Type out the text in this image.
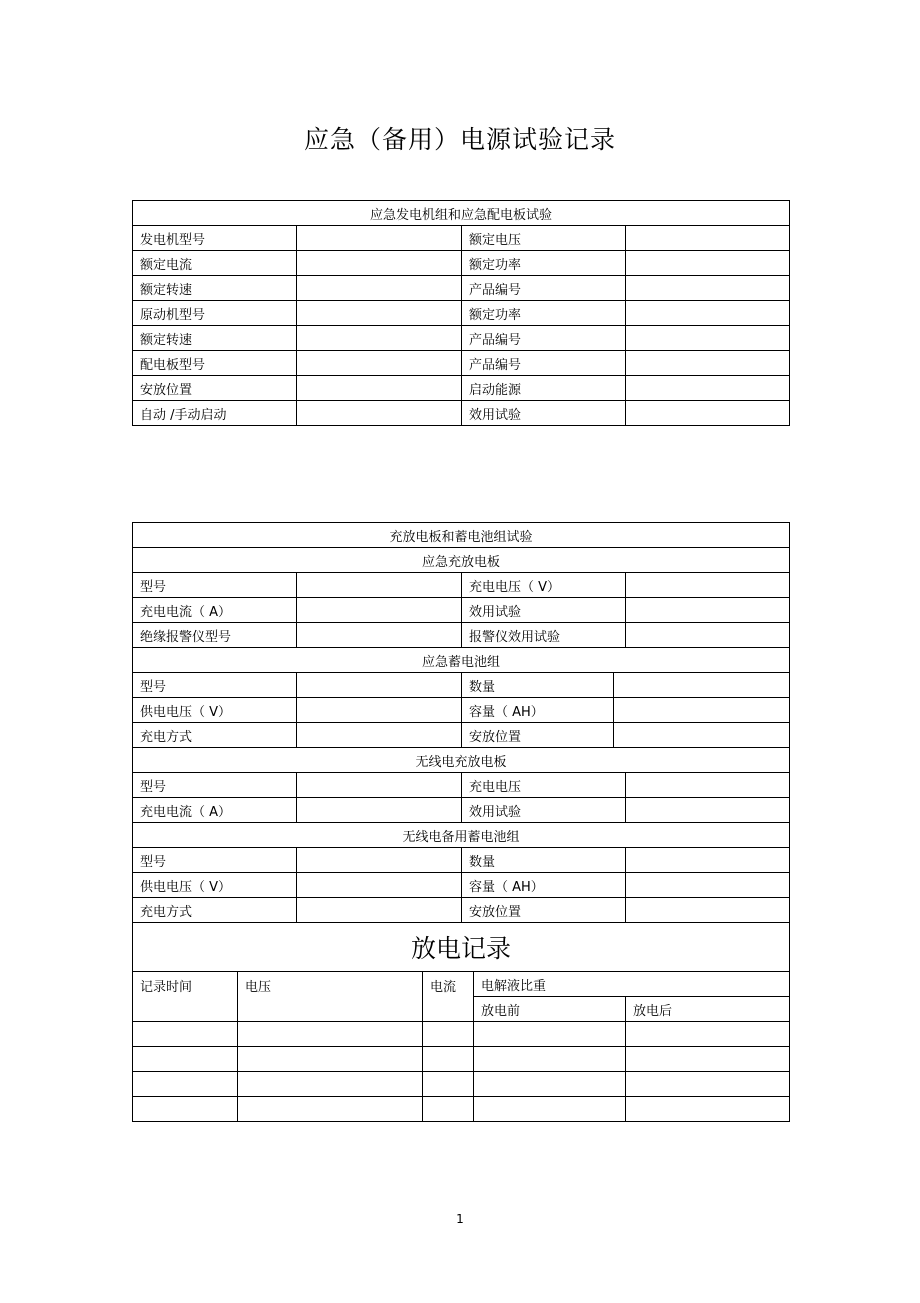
应急（备用）电源试验记录
应急发电机组和应急配电板试验			
发电机型号		额定电压	
额定电流		额定功率	
额定转速		产品编号	
原动机型号		额定功率	
额定转速		产品编号	
配电板型号		产品编号	
安放位置		启动能源	
自动 /手动启动		效用试验	
充放电板和蓄电池组试验							
应急充放电板							
型号				充电电压（ V）			
充电电流（ A）				效用试验			
绝缘报警仪型号				报警仪效用试验			
应急蓄电池组							
型号				数量			
供电电压（ V）				容量（ AH）			
充电方式				安放位置			
无线电充放电板							
型号				充电电压			
充电电流（ A）				效用试验			
无线电备用蓄电池组							
型号				数量			
供电电压（ V）				容量（ AH）			
充电方式				安放位置			
放电记录							
记录时间	电压		电流		电解液比重		
					放电前		放电后

1
